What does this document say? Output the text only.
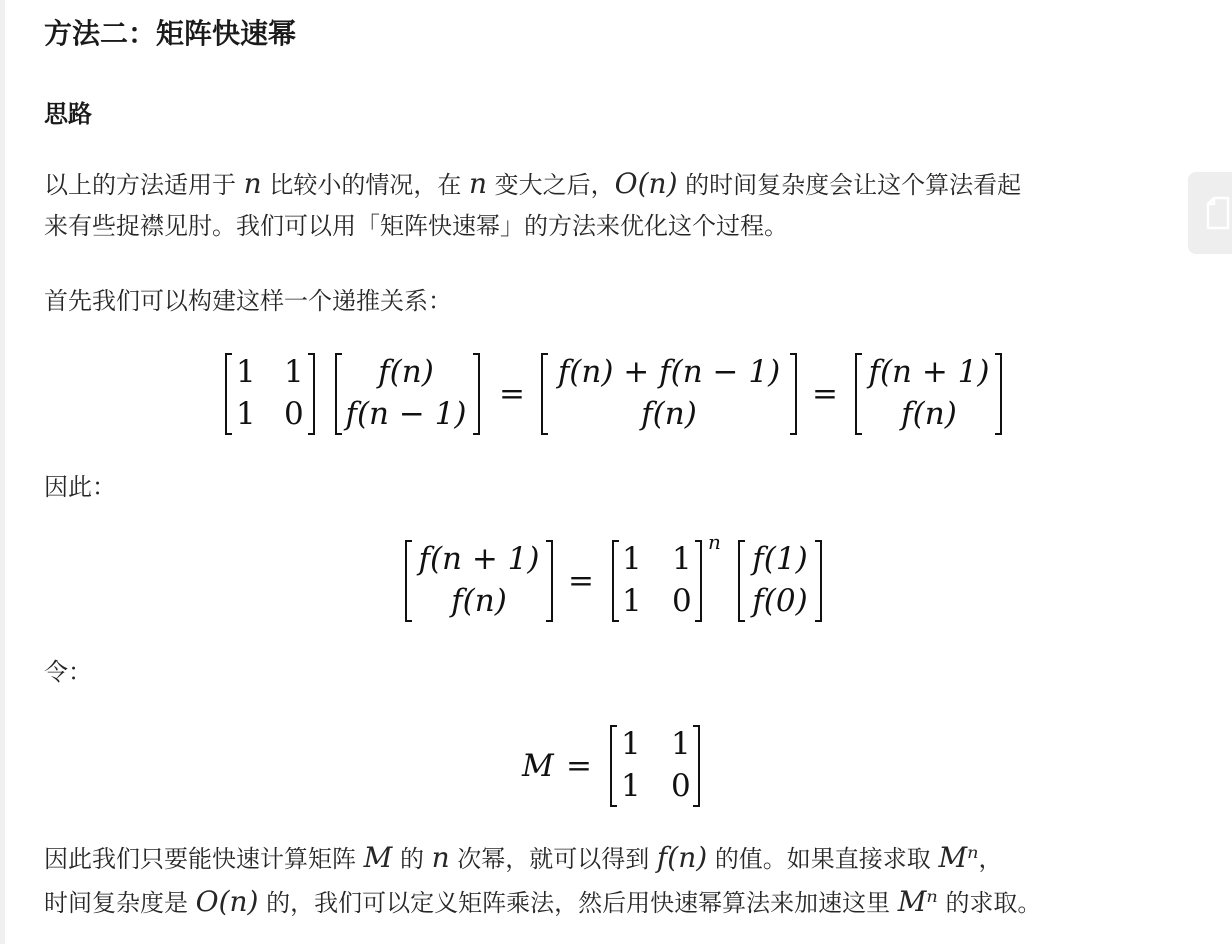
方法二：矩阵快速幂
思路

以上的方法适用于 n 比较小的情况，在 n 变大之后，O(n) 的时间复杂度会让这个算法看起

来有些捉襟见肘。我们可以用「矩阵快速幂」的方法来优化这个过程。

首先我们可以构建这样一个递推关系：

1 1
1 0
f(n)
f(n − 1)
=
f(n) + f(n − 1)
f(n)
=
f(n + 1)
f(n)

因此：

f(n + 1)
f(n)
=
1 1
1 0
n f(1)
f(0)

令：

M =
1 1
1 0

因此我们只要能快速计算矩阵 M 的 n 次幂，就可以得到 f(n) 的值。如果直接求取 Mⁿ，

时间复杂度是 O(n) 的，我们可以定义矩阵乘法，然后用快速幂算法来加速这里 Mⁿ 的求取。
